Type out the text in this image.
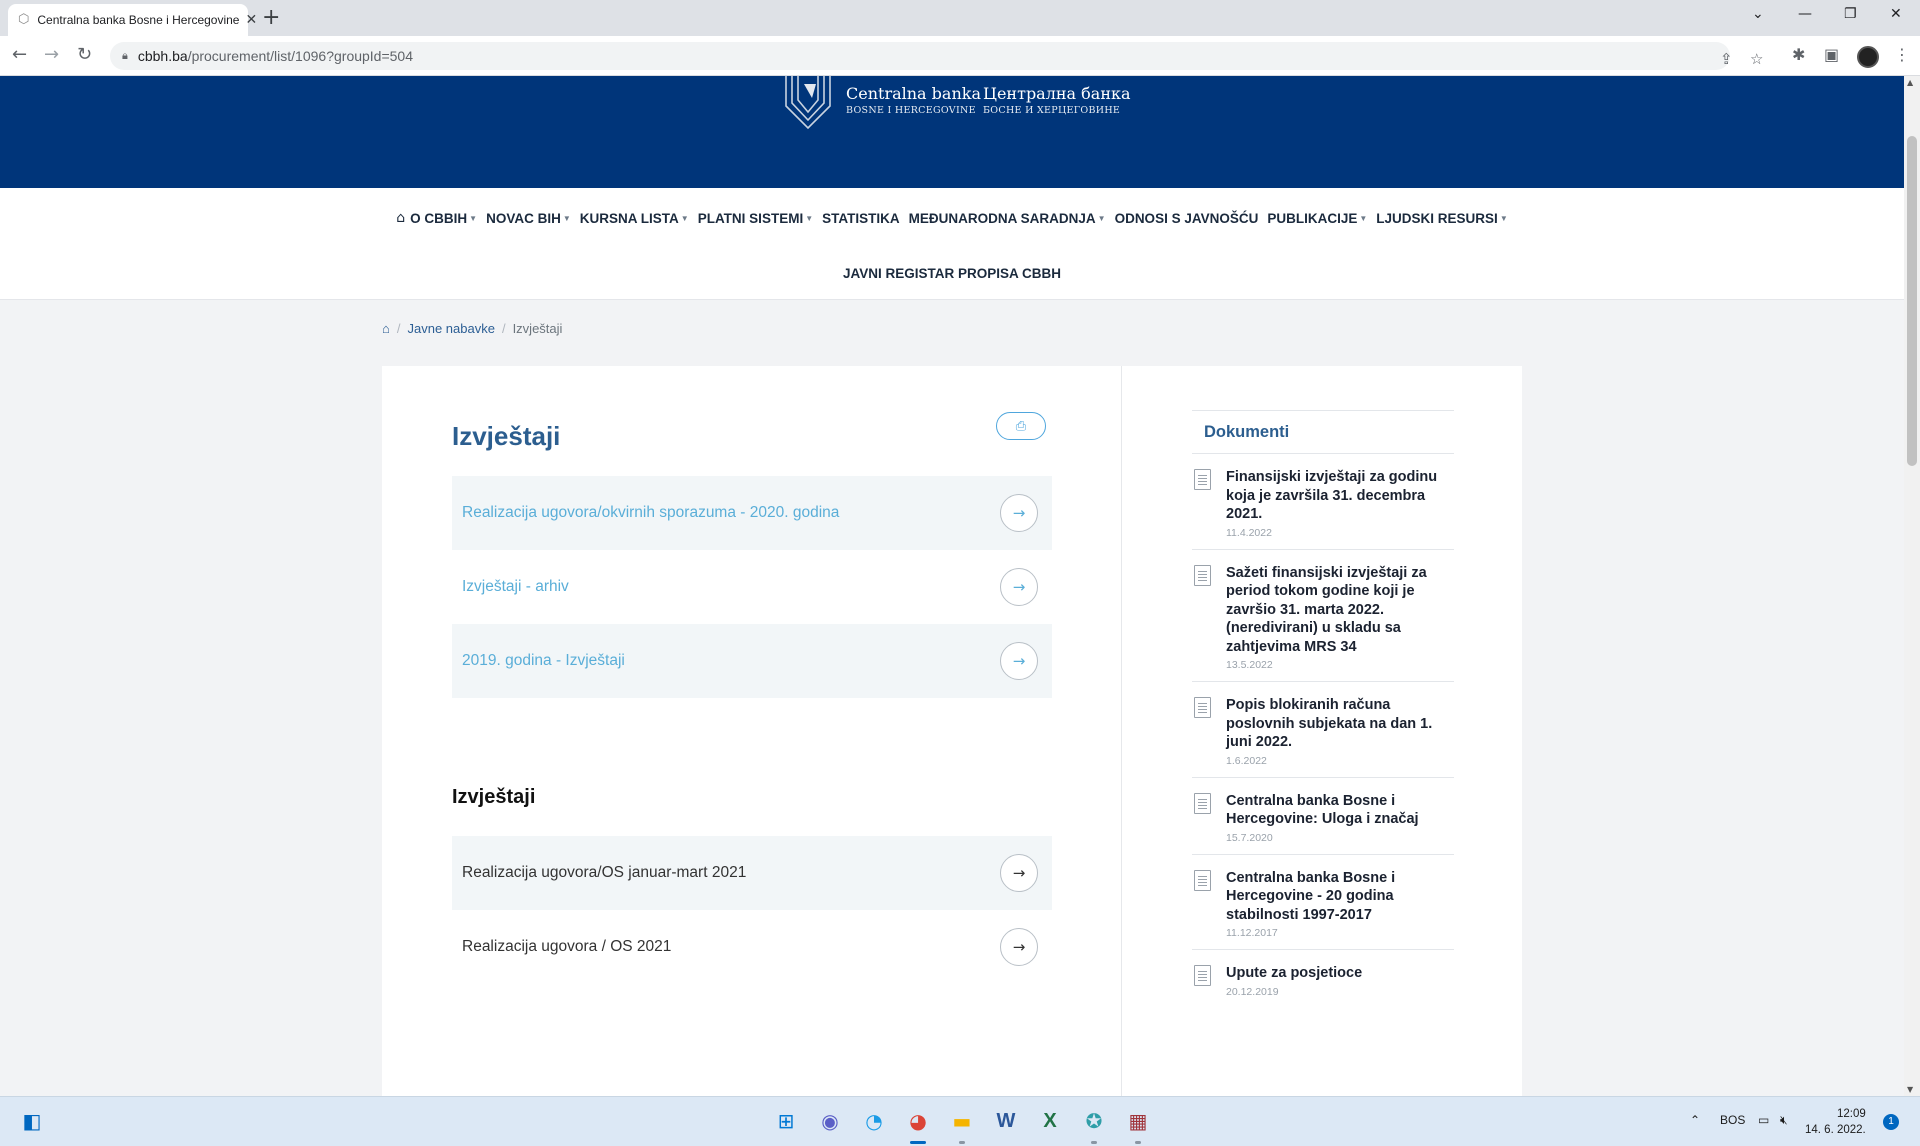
⬡ Centralna banka Bosne i Hercegovine ✕ +	⌄ — ❐ ✕
← → ↻	🔒︎ cbbh.ba/procurement/list/1096?groupId=504	⇪ ☆ ✱ ▣	⋮
Centralna banka
BOSNE I HERCEGOVINE
Централна банка
БОСНЕ И ХЕРЦЕГОВИНЕ
⌂ O CBBIH ▼ NOVAC BIH ▼ KURSNA LISTA ▼ PLATNI SISTEMI ▼ STATISTIKA MEĐUNARODNA SARADNJA ▼ ODNOSI S JAVNOŠĆU PUBLIKACIJE ▼ LJUDSKI RESURSI ▼
JAVNI REGISTAR PROPISA CBBH
⌂ / Javne nabavke / Izvještaji
Izvještaji	⎙
Realizacija ugovora/okvirnih sporazuma - 2020. godina	→
Izvještaji - arhiv	→
2019. godina - Izvještaji	→
Izvještaji
Realizacija ugovora/OS januar-mart 2021	→
Realizacija ugovora / OS 2021	→
Dokumenti
Finansijski izvještaji za godinu koja je završila 31. decembra 2021.
11.4.2022
Sažeti finansijski izvještaji za period tokom godine koji je završio 31. marta 2022. (neredivirani) u skladu sa zahtjevima MRS 34
13.5.2022
Popis blokiranih računa poslovnih subjekata na dan 1. juni 2022.
1.6.2022
Centralna banka Bosne i Hercegovine: Uloga i značaj
15.7.2020
Centralna banka Bosne i Hercegovine - 20 godina stabilnosti 1997-2017
11.12.2017
Upute za posjetioce
20.12.2019
▲
▼
◧	⊞	◉	◔	◕	▬	W	X	✪	▦	⌃ BOS ▭ 🔇︎	12:09
14. 6. 2022.
1
